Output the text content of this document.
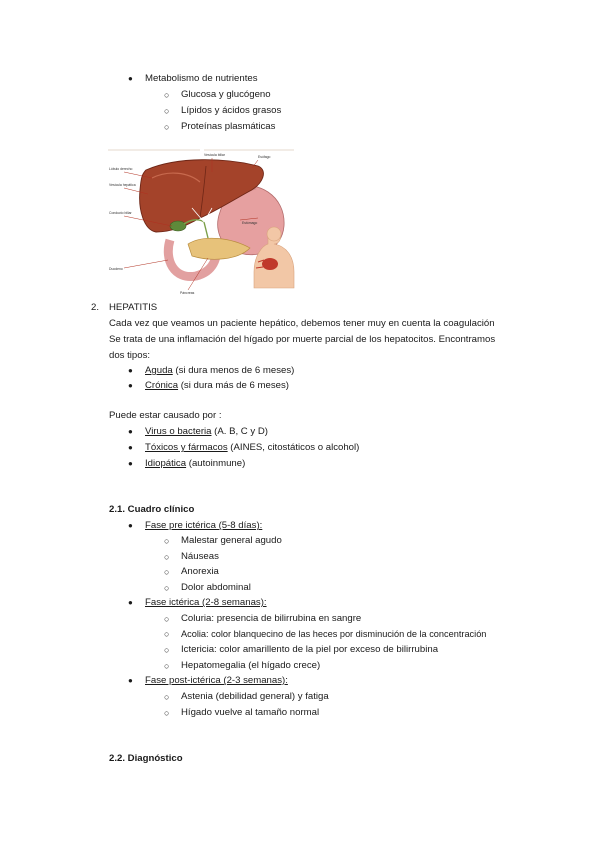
● Metabolismo de nutrientes
○ Glucosa y glucógeno
○ Lípidos y ácidos grasos
○ Proteínas plasmáticas
Lóbulo derecho
Vesícula hepática
Conducto biliar
Duodeno
Vesícula biliar	Esófago
Estómago
Páncreas
2. HEPATITIS
Cada vez que veamos un paciente hepático, debemos tener muy en cuenta la coagulación
Se trata de una inflamación del hígado por muerte parcial de los hepatocitos. Encontramos
dos tipos:
● Aguda (si dura menos de 6 meses)
● Crónica (si dura más de 6 meses)
Puede estar causado por :
● Virus o bacteria (A. B, C y D)
● Tóxicos y fármacos (AINES, citostáticos o alcohol)
● Idiopática (autoinmune)
2.1. Cuadro clínico
● Fase pre ictérica (5-8 días):
○ Malestar general agudo
○ Náuseas
○ Anorexia
○ Dolor abdominal
● Fase ictérica (2-8 semanas):
○ Coluria: presencia de bilirrubina en sangre
○ Acolia: color blanquecino de las heces por disminución de la concentración
○ Ictericia: color amarillento de la piel por exceso de bilirrubina
○ Hepatomegalia (el hígado crece)
● Fase post-ictérica (2-3 semanas):
○ Astenia (debilidad general) y fatiga
○ Hígado vuelve al tamaño normal
2.2. Diagnóstico
